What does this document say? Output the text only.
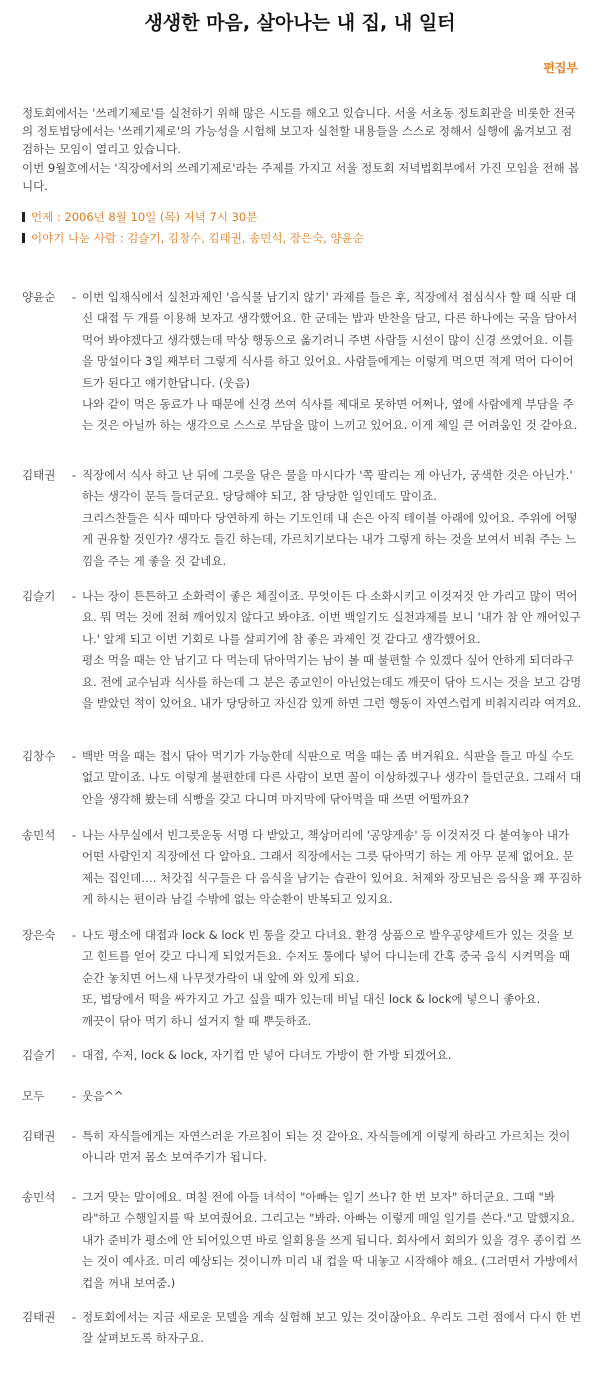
생생한 마음, 살아나는 내 집, 내 일터
편집부

정토회에서는 '쓰레기제로'를 실천하기 위해 많은 시도를 해오고 있습니다. 서울 서초동 정토회관을 비롯한 전국의 정토법당에서는 '쓰레기제로'의 가능성을 시험해 보고자 실천할 내용들을 스스로 정해서 실행에 옮겨보고 점검하는 모임이 열리고 있습니다.

이번 9월호에서는 '직장에서의 쓰레기제로'라는 주제를 가지고 서울 정토회 저녁법회부에서 가진 모임을 전해 봅니다.

언제 : 2006년 8월 10일 (목) 저녁 7시 30분
이야기 나눈 사람 : 김슬기, 김창수, 김태권, 송민석, 장은숙, 양윤순
양윤순	- 이번 입재식에서 실천과제인 '음식물 남기지 않기' 과제를 들은 후, 직장에서 점심식사 할 때 식판 대신 대접 두 개를 이용해 보자고 생각했어요. 한 군데는 밥과 반찬을 담고, 다른 하나에는 국을 담아서 먹어 봐야겠다고 생각했는데 막상 행동으로 옮기려니 주변 사람들 시선이 많이 신경 쓰였어요. 이틀을 망설이다 3일 째부터 그렇게 식사를 하고 있어요. 사람들에게는 이렇게 먹으면 적게 먹어 다이어트가 된다고 얘기한답니다. (웃음)

나와 같이 먹은 동료가 나 때문에 신경 쓰여 식사를 제대로 못하면 어쩌나, 옆에 사람에게 부담을 주는 것은 아닐까 하는 생각으로 스스로 부담을 많이 느끼고 있어요. 이게 제일 큰 어려움인 것 같아요.

김태권	- 직장에서 식사 하고 난 뒤에 그릇을 닦은 물을 마시다가 '쪽 팔리는 게 아닌가, 궁색한 것은 아닌가.' 하는 생각이 문득 들더군요. 당당해야 되고, 참 당당한 일인데도 말이죠.

크리스찬들은 식사 때마다 당연하게 하는 기도인데 내 손은 아직 테이블 아래에 있어요. 주위에 어떻게 권유할 것인가? 생각도 들긴 하는데, 가르치기보다는 내가 그렇게 하는 것을 보여서 비춰 주는 느낌을 주는 게 좋을 것 같네요.

김슬기	- 나는 장이 튼튼하고 소화력이 좋은 체질이죠. 무엇이든 다 소화시키고 이것저것 안 가리고 많이 먹어요. 뭐 먹는 것에 전혀 깨어있지 않다고 봐야죠. 이번 백일기도 실천과제를 보니 '내가 참 안 깨어있구나.' 알게 되고 이번 기회로 나를 살피기에 참 좋은 과제인 것 같다고 생각했어요.

평소 먹을 때는 안 남기고 다 먹는데 닦아먹기는 남이 볼 때 불편할 수 있겠다 싶어 안하게 되더라구요. 전에 교수님과 식사를 하는데 그 분은 종교인이 아닌었는데도 깨끗이 닦아 드시는 것을 보고 감명을 받았던 적이 있어요. 내가 당당하고 자신감 있게 하면 그런 행동이 자연스럽게 비춰지리라 여겨요.

김창수	- 백반 먹을 때는 접시 닦아 먹기가 가능한데 식판으로 먹을 때는 좀 버거워요. 식판을 들고 마실 수도 없고 말이죠. 나도 이렇게 불편한데 다른 사람이 보면 꼴이 이상하겠구나 생각이 들던군요. 그래서 대안을 생각해 봤는데 식빵을 갖고 다니며 마지막에 닦아먹을 때 쓰면 어떨까요?

송민석	- 나는 사무실에서 빈그릇운동 서명 다 받았고, 책상머리에 '공양게송' 등 이것저것 다 붙여놓아 내가 어떤 사람인지 직장에선 다 알아요. 그래서 직장에서는 그릇 닦아먹기 하는 게 아무 문제 없어요. 문제는 집인데…. 처갓집 식구들은 다 음식을 남기는 습관이 있어요. 처제와 장모님은 음식을 꽤 푸짐하게 하시는 편이라 남길 수밖에 없는 악순환이 반복되고 있지요.

장은숙	- 나도 평소에 대접과 lock & lock 빈 통을 갖고 다녀요. 환경 상품으로 발우공양세트가 있는 것을 보고 힌트를 얻어 갖고 다니게 되었거든요. 수저도 통에다 넣어 다니는데 간혹 중국 음식 시켜먹을 때 순간 놓치면 어느새 나무젓가락이 내 앞에 와 있게 되요.

또, 법당에서 떡을 싸가지고 가고 싶을 때가 있는데 비닐 대신 lock & lock에 넣으니 좋아요.

깨끗이 닦아 먹기 하니 설거지 할 때 뿌듯하죠.

김슬기	- 대접, 수저, lock & lock, 자기컵 만 넣어 다녀도 가방이 한 가방 되겠어요.

모두	- 웃음^^

김태권	- 특히 자식들에게는 자연스러운 가르침이 되는 것 같아요. 자식들에게 이렇게 하라고 가르치는 것이 아니라 먼저 몸소 보여주기가 됩니다.

송민석	- 그거 맞는 말이에요. 며칠 전에 아들 녀석이 "아빠는 일기 쓰나? 한 번 보자" 하더군요. 그때 "봐라"하고 수행일지를 딱 보여줬어요. 그리고는 "봐라. 아빠는 이렇게 매일 일기를 쓴다."고 말했지요. 내가 준비가 평소에 안 되어있으면 바로 일회용을 쓰게 됩니다. 회사에서 회의가 있을 경우 종이컵 쓰는 것이 예사죠. 미리 예상되는 것이니까 미리 내 컵을 딱 내놓고 시작해야 해요. (그러면서 가방에서 컵을 꺼내 보여줌.)

김태권	- 정토회에서는 지금 새로운 모델을 계속 실험해 보고 있는 것이잖아요. 우리도 그런 점에서 다시 한 번 잘 살펴보도록 하자구요.
